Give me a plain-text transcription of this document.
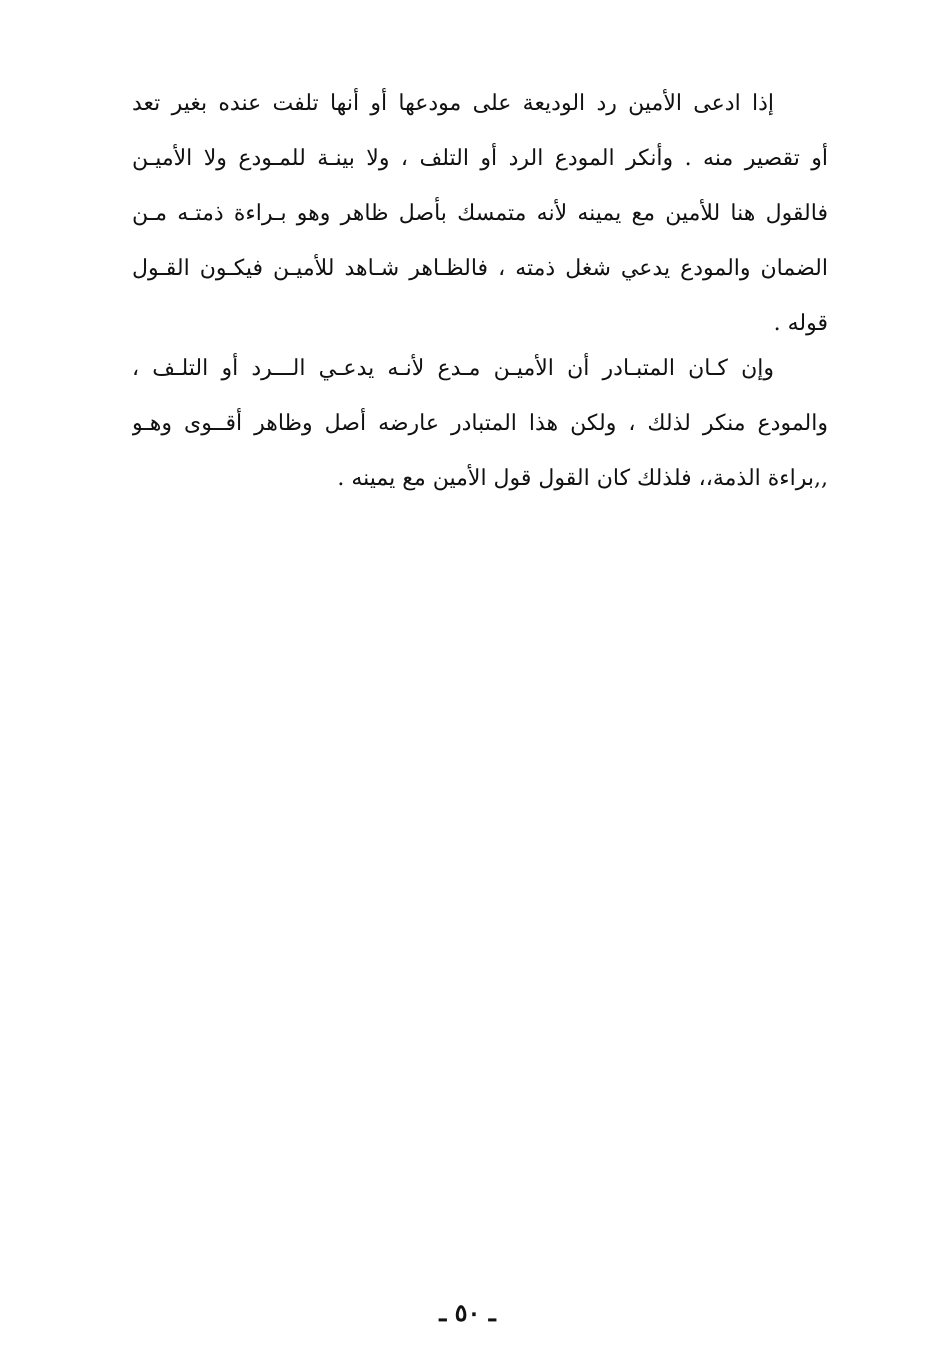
إذا ادعى الأمين رد الوديعة على مودعها أو أنها تلفت عنده بغير تعد
أو تقصير منه . وأنكر المودع الرد أو التلف ، ولا بينـة للمـودع ولا الأميـن
فالقول هنا للأمين مع يمينه لأنه متمسك بأصل ظاهر وهو بـراءة ذمتـه مـن
الضمان والمودع يدعي شغل ذمته ، فالظـاهر شـاهد للأميـن فيكـون القـول
قوله .
وإن كـان المتبـادر أن الأميـن مـدع لأنـه يدعـي الـــرد أو التلـف ،
والمودع منكر لذلك ، ولكن هذا المتبادر عارضه أصل وظاهر أقــوى وهـو
,,براءة الذمة،، فلذلك كان القول قول الأمين مع يمينه .
ـ ٥٠ ـ
